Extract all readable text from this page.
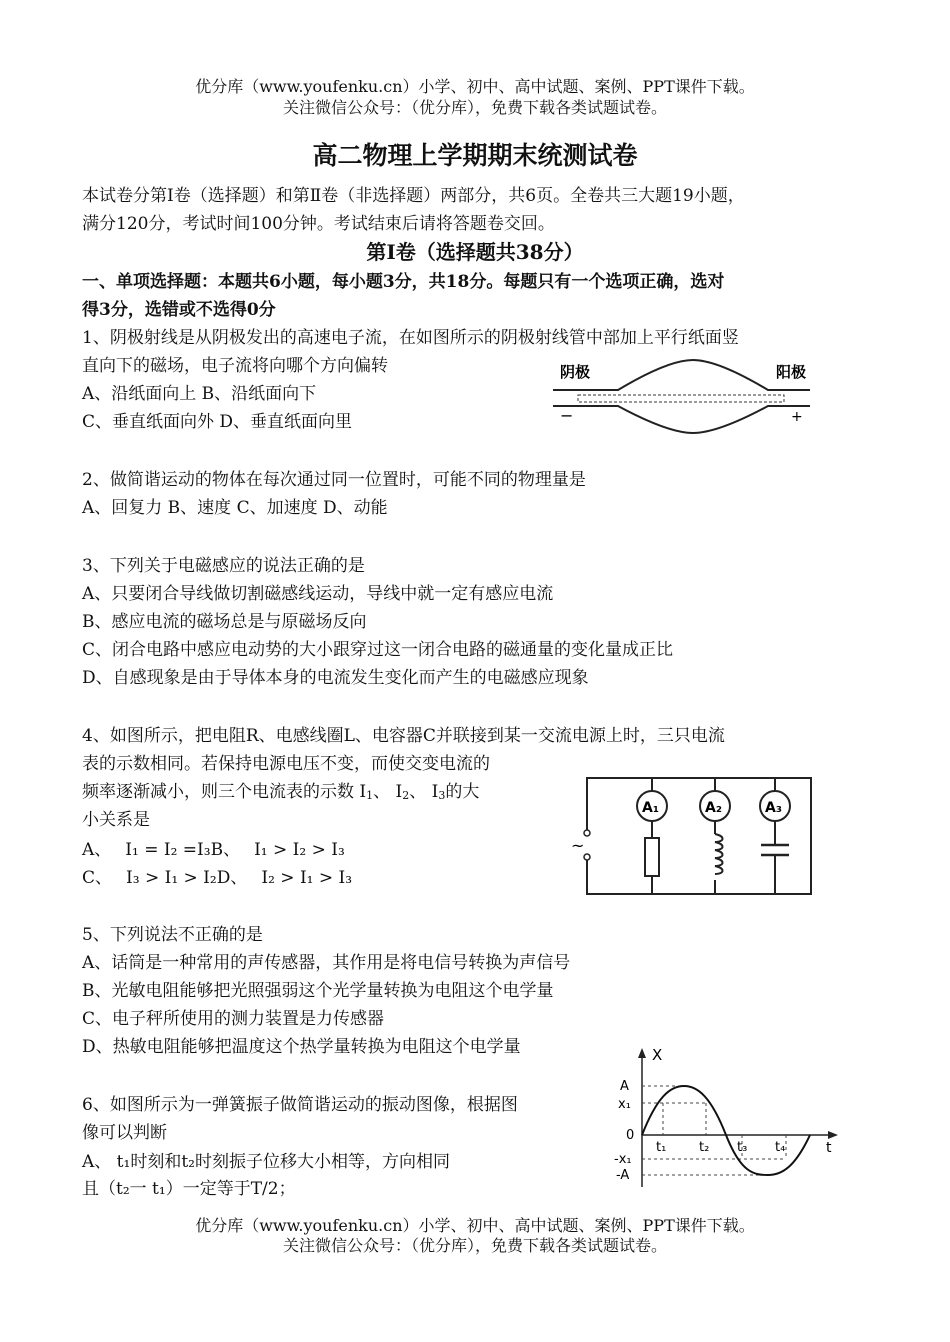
优分库（www.youfenku.cn）小学、初中、高中试题、案例、PPT课件下载。
关注微信公众号：（优分库），免费下载各类试题试卷。
高二物理上学期期末统测试卷
本试卷分第Ⅰ卷（选择题）和第Ⅱ卷（非选择题）两部分，共6页。全卷共三大题19小题，
满分120分，考试时间100分钟。考试结束后请将答题卷交回。
第Ⅰ卷（选择题共38分）
一、单项选择题：本题共6小题，每小题3分，共18分。每题只有一个选项正确，选对
得3分，选错或不选得0分
1、阴极射线是从阴极发出的高速电子流，在如图所示的阴极射线管中部加上平行纸面竖
直向下的磁场，电子流将向哪个方向偏转
A、沿纸面向上 B、沿纸面向下
C、垂直纸面向外 D、垂直纸面向里
阴极	阳极
−	+
2、做简谐运动的物体在每次通过同一位置时，可能不同的物理量是
A、回复力 B、速度 C、加速度 D、动能
3、下列关于电磁感应的说法正确的是
A、只要闭合导线做切割磁感线运动，导线中就一定有感应电流
B、感应电流的磁场总是与原磁场反向
C、闭合电路中感应电动势的大小跟穿过这一闭合电路的磁通量的变化量成正比
D、自感现象是由于导体本身的电流发生变化而产生的电磁感应现象
4、如图所示，把电阻R、电感线圈L、电容器C并联接到某一交流电源上时，三只电流
表的示数相同。若保持电源电压不变，而使交变电流的
频率逐渐减小，则三个电流表的示数 $I_1$、 $I_2$、 $I_3$的大
小关系是
A、 I₁ = I₂ =I₃B、 I₁ > I₂ > I₃
C、 I₃ > I₁ > I₂D、 I₂ > I₁ > I₃
~
A₁	A₂	A₃
5、下列说法不正确的是
A、话筒是一种常用的声传感器，其作用是将电信号转换为声信号
B、光敏电阻能够把光照强弱这个光学量转换为电阻这个电学量
C、电子秤所使用的测力装置是力传感器
D、热敏电阻能够把温度这个热学量转换为电阻这个电学量
6、如图所示为一弹簧振子做简谐运动的振动图像，根据图
像可以判断
A、 t₁时刻和t₂时刻振子位移大小相等，方向相同
且（t₂一 t₁）一定等于T/2；
X
t
A
x₁
0
-x₁
-A
t₁	t₂ t₃ t₄
优分库（www.youfenku.cn）小学、初中、高中试题、案例、PPT课件下载。
关注微信公众号：（优分库），免费下载各类试题试卷。
